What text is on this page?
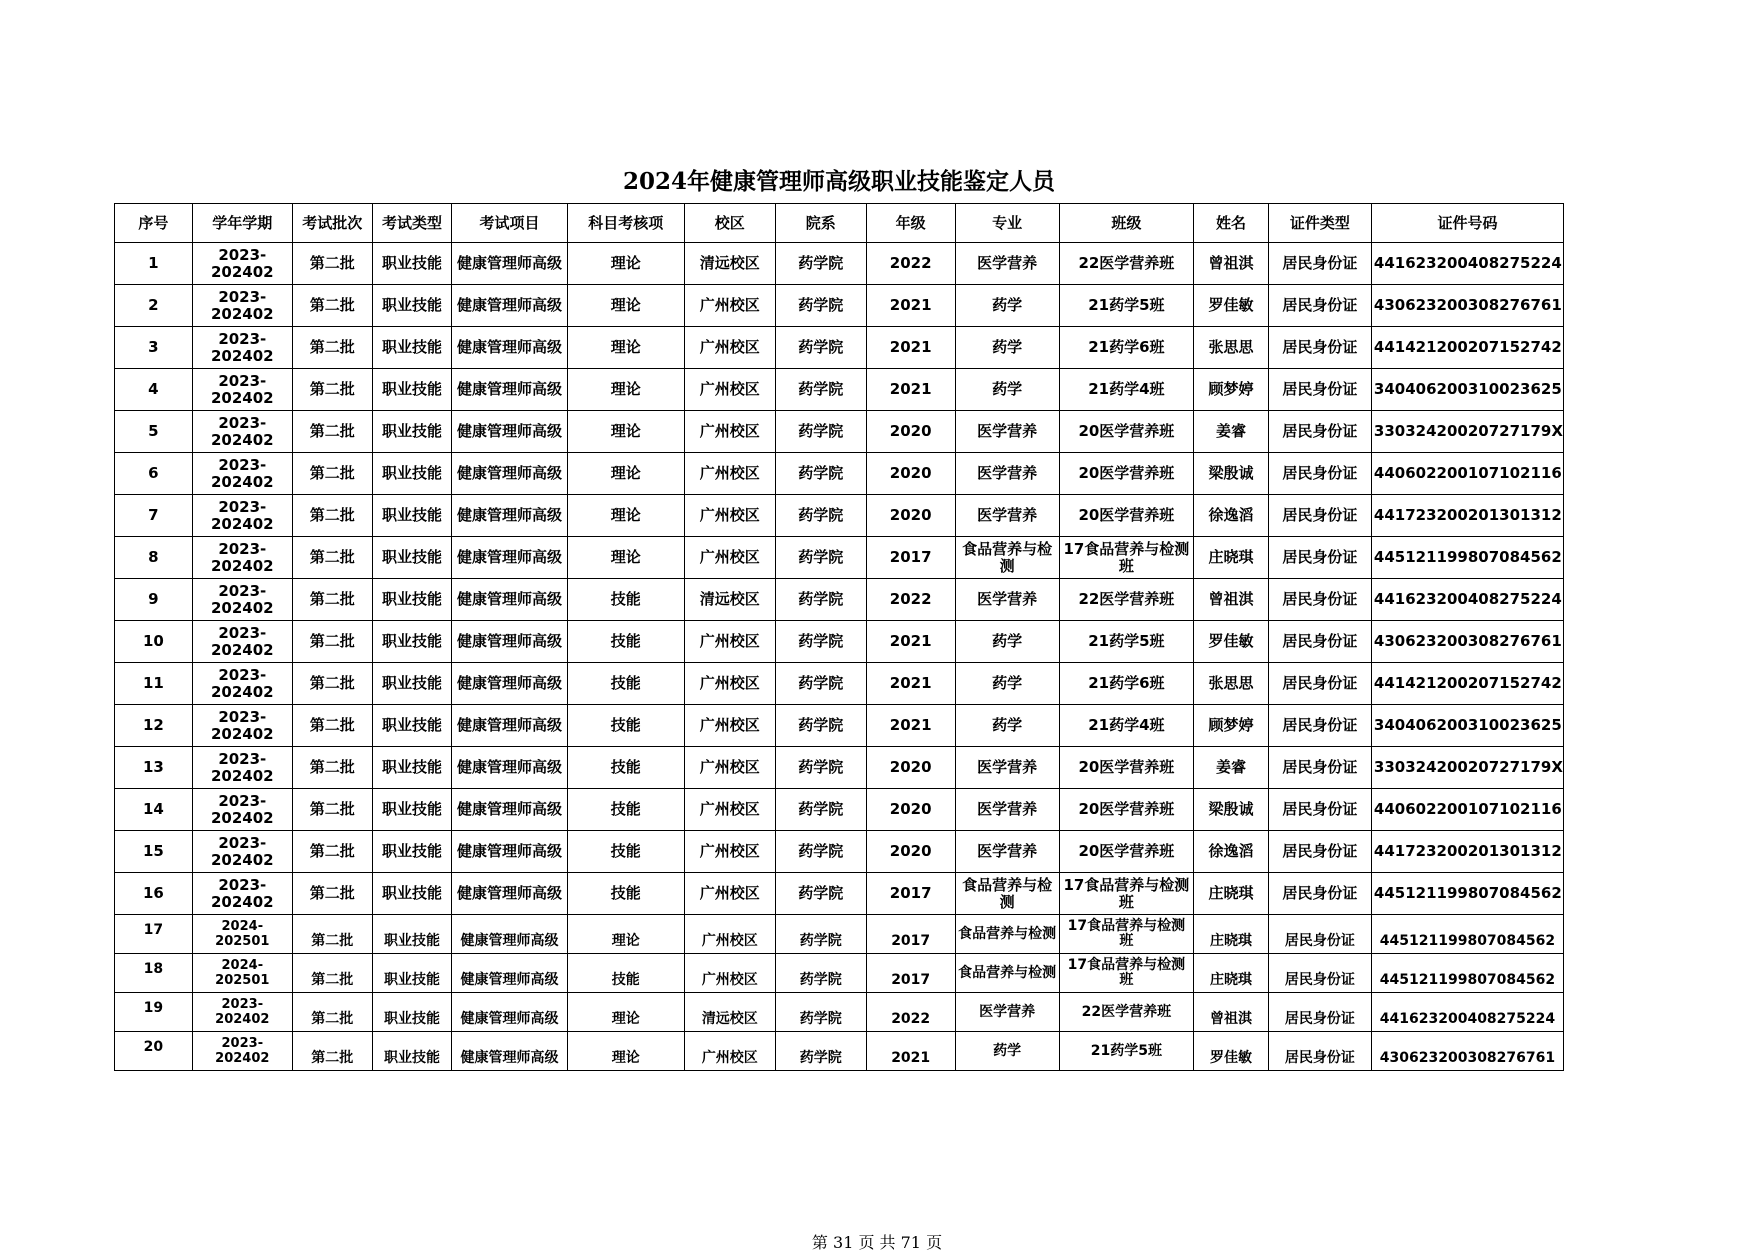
2024年健康管理师高级职业技能鉴定人员
序号	学年学期	考试批次	考试类型	考试项目	科目考核项	校区	院系	年级	专业	班级	姓名	证件类型	证件号码
1	2023-202402	第二批	职业技能	健康管理师高级	理论	清远校区	药学院	2022	医学营养	22医学营养班	曾祖淇	居民身份证	441623200408275224
2	2023-202402	第二批	职业技能	健康管理师高级	理论	广州校区	药学院	2021	药学	21药学5班	罗佳敏	居民身份证	430623200308276761
3	2023-202402	第二批	职业技能	健康管理师高级	理论	广州校区	药学院	2021	药学	21药学6班	张思思	居民身份证	441421200207152742
4	2023-202402	第二批	职业技能	健康管理师高级	理论	广州校区	药学院	2021	药学	21药学4班	顾梦婷	居民身份证	340406200310023625
5	2023-202402	第二批	职业技能	健康管理师高级	理论	广州校区	药学院	2020	医学营养	20医学营养班	姜睿	居民身份证	33032420020727179X
6	2023-202402	第二批	职业技能	健康管理师高级	理论	广州校区	药学院	2020	医学营养	20医学营养班	梁殷诚	居民身份证	440602200107102116
7	2023-202402	第二批	职业技能	健康管理师高级	理论	广州校区	药学院	2020	医学营养	20医学营养班	徐逸滔	居民身份证	441723200201301312
8	2023-202402	第二批	职业技能	健康管理师高级	理论	广州校区	药学院	2017	食品营养与检测	17食品营养与检测班	庄晓琪	居民身份证	445121199807084562
9	2023-202402	第二批	职业技能	健康管理师高级	技能	清远校区	药学院	2022	医学营养	22医学营养班	曾祖淇	居民身份证	441623200408275224
10	2023-202402	第二批	职业技能	健康管理师高级	技能	广州校区	药学院	2021	药学	21药学5班	罗佳敏	居民身份证	430623200308276761
11	2023-202402	第二批	职业技能	健康管理师高级	技能	广州校区	药学院	2021	药学	21药学6班	张思思	居民身份证	441421200207152742
12	2023-202402	第二批	职业技能	健康管理师高级	技能	广州校区	药学院	2021	药学	21药学4班	顾梦婷	居民身份证	340406200310023625
13	2023-202402	第二批	职业技能	健康管理师高级	技能	广州校区	药学院	2020	医学营养	20医学营养班	姜睿	居民身份证	33032420020727179X
14	2023-202402	第二批	职业技能	健康管理师高级	技能	广州校区	药学院	2020	医学营养	20医学营养班	梁殷诚	居民身份证	440602200107102116
15	2023-202402	第二批	职业技能	健康管理师高级	技能	广州校区	药学院	2020	医学营养	20医学营养班	徐逸滔	居民身份证	441723200201301312
16	2023-202402	第二批	职业技能	健康管理师高级	技能	广州校区	药学院	2017	食品营养与检测	17食品营养与检测班	庄晓琪	居民身份证	445121199807084562
17	2024-202501	第二批	职业技能	健康管理师高级	理论	广州校区	药学院	2017	食品营养与检测	17食品营养与检测班	庄晓琪	居民身份证	445121199807084562
18	2024-202501	第二批	职业技能	健康管理师高级	技能	广州校区	药学院	2017	食品营养与检测	17食品营养与检测班	庄晓琪	居民身份证	445121199807084562
19	2023-202402	第二批	职业技能	健康管理师高级	理论	清远校区	药学院	2022	医学营养	22医学营养班	曾祖淇	居民身份证	441623200408275224
20	2023-202402	第二批	职业技能	健康管理师高级	理论	广州校区	药学院	2021	药学	21药学5班	罗佳敏	居民身份证	430623200308276761
第 31 页 共 71 页
